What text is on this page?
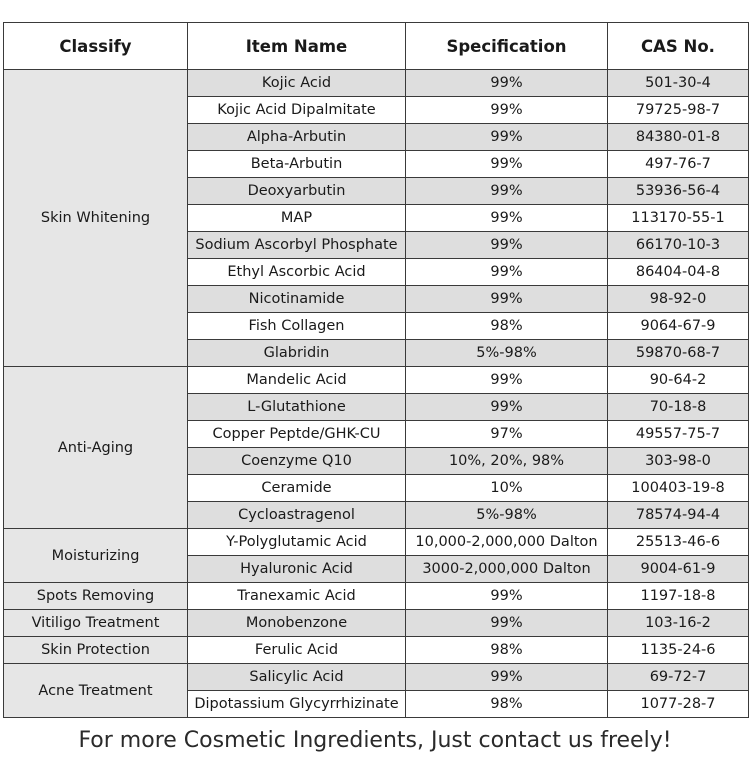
Classify	Item Name	Specification	CAS No.
Skin Whitening	Kojic Acid	99%	501-30-4
	Kojic Acid Dipalmitate	99%	79725-98-7
	Alpha-Arbutin	99%	84380-01-8
	Beta-Arbutin	99%	497-76-7
	Deoxyarbutin	99%	53936-56-4
	MAP	99%	113170-55-1
	Sodium Ascorbyl Phosphate	99%	66170-10-3
	Ethyl Ascorbic Acid	99%	86404-04-8
	Nicotinamide	99%	98-92-0
	Fish Collagen	98%	9064-67-9
	Glabridin	5%-98%	59870-68-7
Anti-Aging	Mandelic Acid	99%	90-64-2
	L-Glutathione	99%	70-18-8
	Copper Peptde/GHK-CU	97%	49557-75-7
	Coenzyme Q10	10%, 20%, 98%	303-98-0
	Ceramide	10%	100403-19-8
	Cycloastragenol	5%-98%	78574-94-4
Moisturizing	Y-Polyglutamic Acid	10,000-2,000,000 Dalton	25513-46-6
	Hyaluronic Acid	3000-2,000,000 Dalton	9004-61-9
Spots Removing	Tranexamic Acid	99%	1197-18-8
Vitiligo Treatment	Monobenzone	99%	103-16-2
Skin Protection	Ferulic Acid	98%	1135-24-6
Acne Treatment	Salicylic Acid	99%	69-72-7
	Dipotassium Glycyrrhizinate	98%	1077-28-7
For more Cosmetic Ingredients, Just contact us freely!
